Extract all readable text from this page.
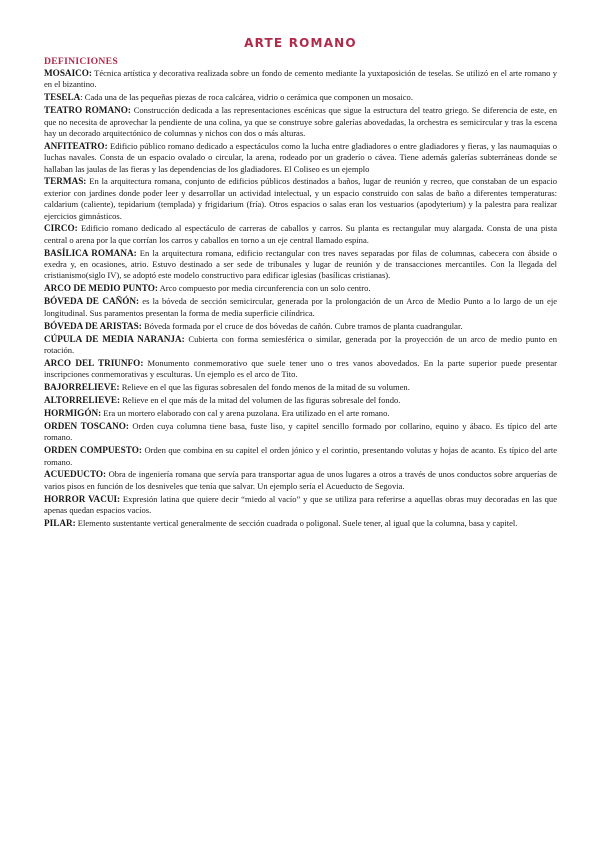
ARTE ROMANO
DEFINICIONES

MOSAICO: Técnica artística y decorativa realizada sobre un fondo de cemento mediante la yuxtaposición de teselas. Se utilizó en el arte romano y en el bizantino.

TESELA: Cada una de las pequeñas piezas de roca calcárea, vidrio o cerámica que componen un mosaico.

TEATRO ROMANO: Construcción dedicada a las representaciones escénicas que sigue la estructura del teatro griego. Se diferencia de este, en que no necesita de aprovechar la pendiente de una colina, ya que se construye sobre galerías abovedadas, la orchestra es semicircular y tras la escena hay un decorado arquitectónico de columnas y nichos con dos o más alturas.

ANFITEATRO: Edificio público romano dedicado a espectáculos como la lucha entre gladiadores o entre gladiadores y fieras, y las naumaquias o luchas navales. Consta de un espacio ovalado o circular, la arena, rodeado por un graderío o cávea. Tiene además galerías subterráneas donde se hallaban las jaulas de las fieras y las dependencias de los gladiadores. El Coliseo es un ejemplo

TERMAS: En la arquitectura romana, conjunto de edificios públicos destinados a baños, lugar de reunión y recreo, que constaban de un espacio exterior con jardines donde poder leer y desarrollar un actividad intelectual, y un espacio construido con salas de baño a diferentes temperaturas: caldarium (caliente), tepidarium (templada) y frigidarium (fría). Otros espacios o salas eran los vestuarios (apodyterium) y la palestra para realizar ejercicios gimnásticos.

CIRCO: Edificio romano dedicado al espectáculo de carreras de caballos y carros. Su planta es rectangular muy alargada. Consta de una pista central o arena por la que corrían los carros y caballos en torno a un eje central llamado espina.

BASÍLICA ROMANA: En la arquitectura romana, edificio rectangular con tres naves separadas por filas de columnas, cabecera con ábside o exedra y, en ocasiones, atrio. Estuvo destinado a ser sede de tribunales y lugar de reunión y de transacciones mercantiles. Con la llegada del cristianismo(siglo IV), se adoptó este modelo constructivo para edificar iglesias (basílicas cristianas).

ARCO DE MEDIO PUNTO: Arco compuesto por media circunferencia con un solo centro.

BÓVEDA DE CAÑÓN: es la bóveda de sección semicircular, generada por la prolongación de un Arco de Medio Punto a lo largo de un eje longitudinal. Sus paramentos presentan la forma de media superficie cilíndrica.

BÓVEDA DE ARISTAS: Bóveda formada por el cruce de dos bóvedas de cañón. Cubre tramos de planta cuadrangular.

CÚPULA DE MEDIA NARANJA: Cubierta con forma semiesférica o similar, generada por la proyección de un arco de medio punto en rotación.

ARCO DEL TRIUNFO: Monumento conmemorativo que suele tener uno o tres vanos abovedados. En la parte superior puede presentar inscripciones conmemorativas y esculturas. Un ejemplo es el arco de Tito.

BAJORRELIEVE: Relieve en el que las figuras sobresalen del fondo menos de la mitad de su volumen.

ALTORRELIEVE: Relieve en el que más de la mitad del volumen de las figuras sobresale del fondo.

HORMIGÓN: Era un mortero elaborado con cal y arena puzolana. Era utilizado en el arte romano.

ORDEN TOSCANO: Orden cuya columna tiene basa, fuste liso, y capitel sencillo formado por collarino, equino y ábaco. Es típico del arte romano.

ORDEN COMPUESTO: Orden que combina en su capitel el orden jónico y el corintio, presentando volutas y hojas de acanto. Es típico del arte romano.

ACUEDUCTO: Obra de ingeniería romana que servía para transportar agua de unos lugares a otros a través de unos conductos sobre arquerías de varios pisos en función de los desniveles que tenía que salvar. Un ejemplo sería el Acueducto de Segovia.

HORROR VACUI: Expresión latina que quiere decir “miedo al vacío” y que se utiliza para referirse a aquellas obras muy decoradas en las que apenas quedan espacios vacíos.

PILAR: Elemento sustentante vertical generalmente de sección cuadrada o poligonal. Suele tener, al igual que la columna, basa y capitel.
